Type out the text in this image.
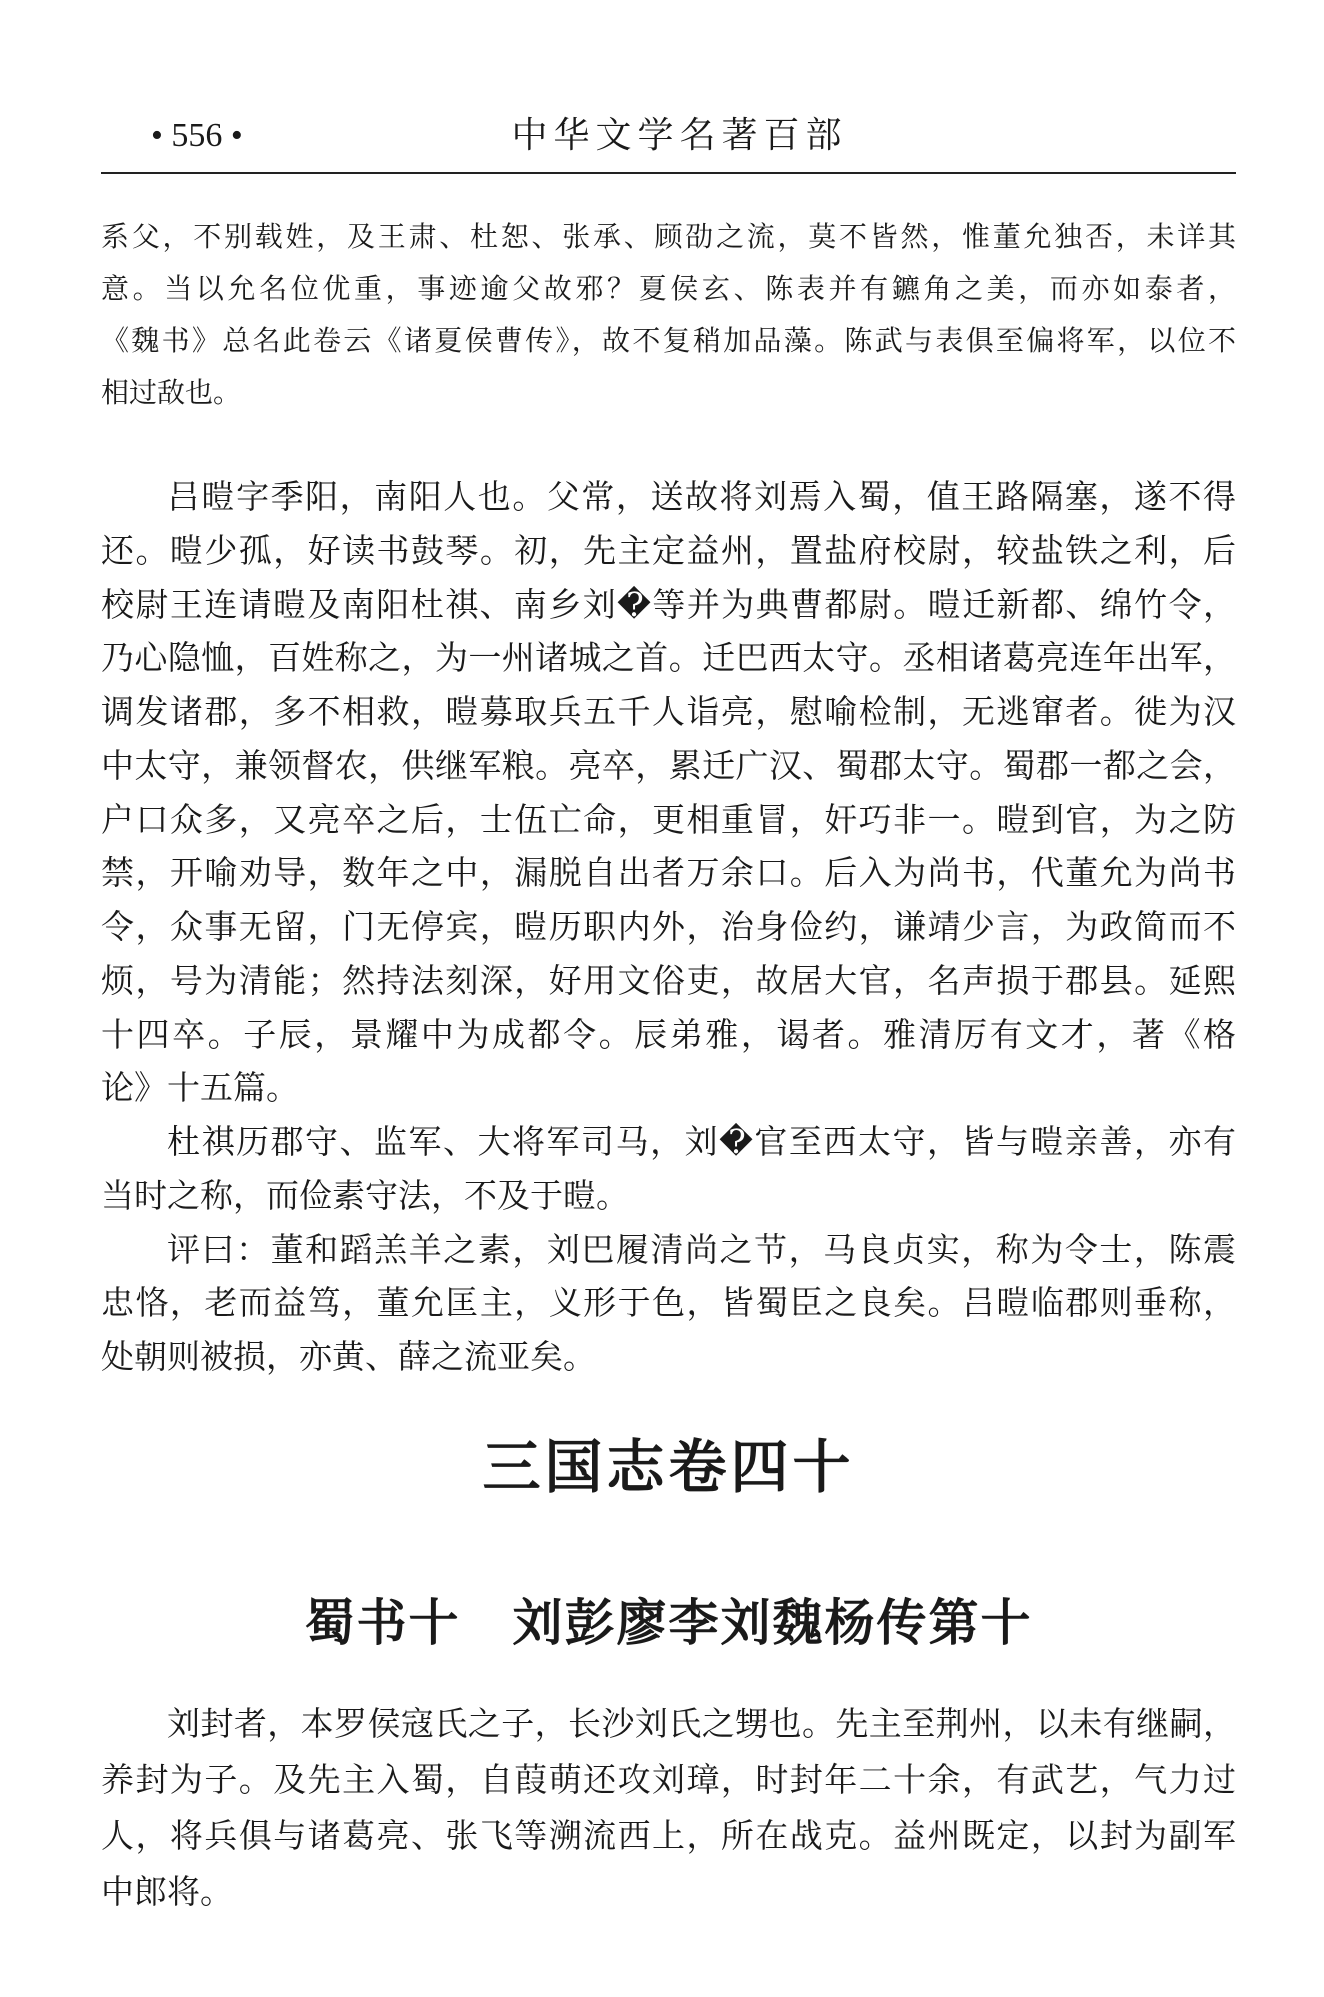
• 556 •	中华文学名著百部
系父，不别载姓，及王肃、杜恕、张承、顾劭之流，莫不皆然，惟董允独否，未详其
意。当以允名位优重，事迹逾父故邪？夏侯玄、陈表并有鑣角之美，而亦如泰者，
《魏书》总名此卷云《诸夏侯曹传》，故不复稍加品藻。陈武与表俱至偏将军，以位不
相过敌也。
吕暟字季阳，南阳人也。父常，送故将刘焉入蜀，值王路隔塞，遂不得
还。暟少孤，好读书鼓琴。初，先主定益州，置盐府校尉，较盐铁之利，后
校尉王连请暟及南阳杜祺、南乡刘�等并为典曹都尉。暟迁新都、绵竹令，
乃心隐恤，百姓称之，为一州诸城之首。迁巴西太守。丞相诸葛亮连年出军，
调发诸郡，多不相救，暟募取兵五千人诣亮，慰喻检制，无逃窜者。徙为汉
中太守，兼领督农，供继军粮。亮卒，累迁广汉、蜀郡太守。蜀郡一都之会，
户口众多，又亮卒之后，士伍亡命，更相重冒，奸巧非一。暟到官，为之防
禁，开喻劝导，数年之中，漏脱自出者万余口。后入为尚书，代董允为尚书
令，众事无留，门无停宾，暟历职内外，治身俭约，谦靖少言，为政简而不
烦，号为清能；然持法刻深，好用文俗吏，故居大官，名声损于郡县。延熙
十四卒。子辰，景耀中为成都令。辰弟雅，谒者。雅清厉有文才，著《格
论》十五篇。
杜祺历郡守、监军、大将军司马，刘�官至西太守，皆与暟亲善，亦有
当时之称，而俭素守法，不及于暟。
评曰：董和蹈羔羊之素，刘巴履清尚之节，马良贞实，称为令士，陈震
忠恪，老而益笃，董允匡主，义形于色，皆蜀臣之良矣。吕暟临郡则垂称，
处朝则被损，亦黄、薛之流亚矣。
三国志卷四十
蜀书十　刘彭廖李刘魏杨传第十
刘封者，本罗侯寇氏之子，长沙刘氏之甥也。先主至荆州，以未有继嗣，
养封为子。及先主入蜀，自葭萌还攻刘璋，时封年二十余，有武艺，气力过
人，将兵俱与诸葛亮、张飞等溯流西上，所在战克。益州既定，以封为副军
中郎将。
